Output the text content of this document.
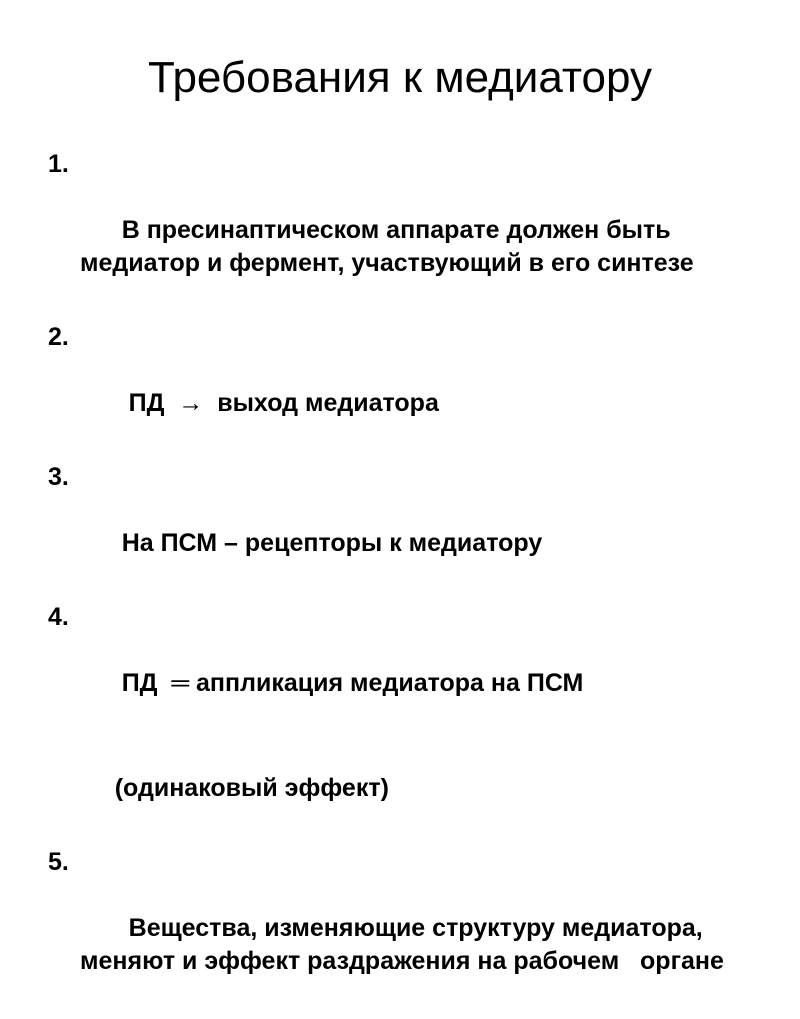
Требования к медиатору

1.

В пресинаптическом аппарате должен быть медиатор и фермент, участвующий в его синтезе

2.

ПД  →  выход медиатора

3.

На ПСМ – рецепторы к медиатору

4.

ПД  ═ аппликация медиатора на ПСМ

(одинаковый эффект)

5.

Вещества, изменяющие структуру медиатора, меняют и эффект раздражения на рабочем   органе
